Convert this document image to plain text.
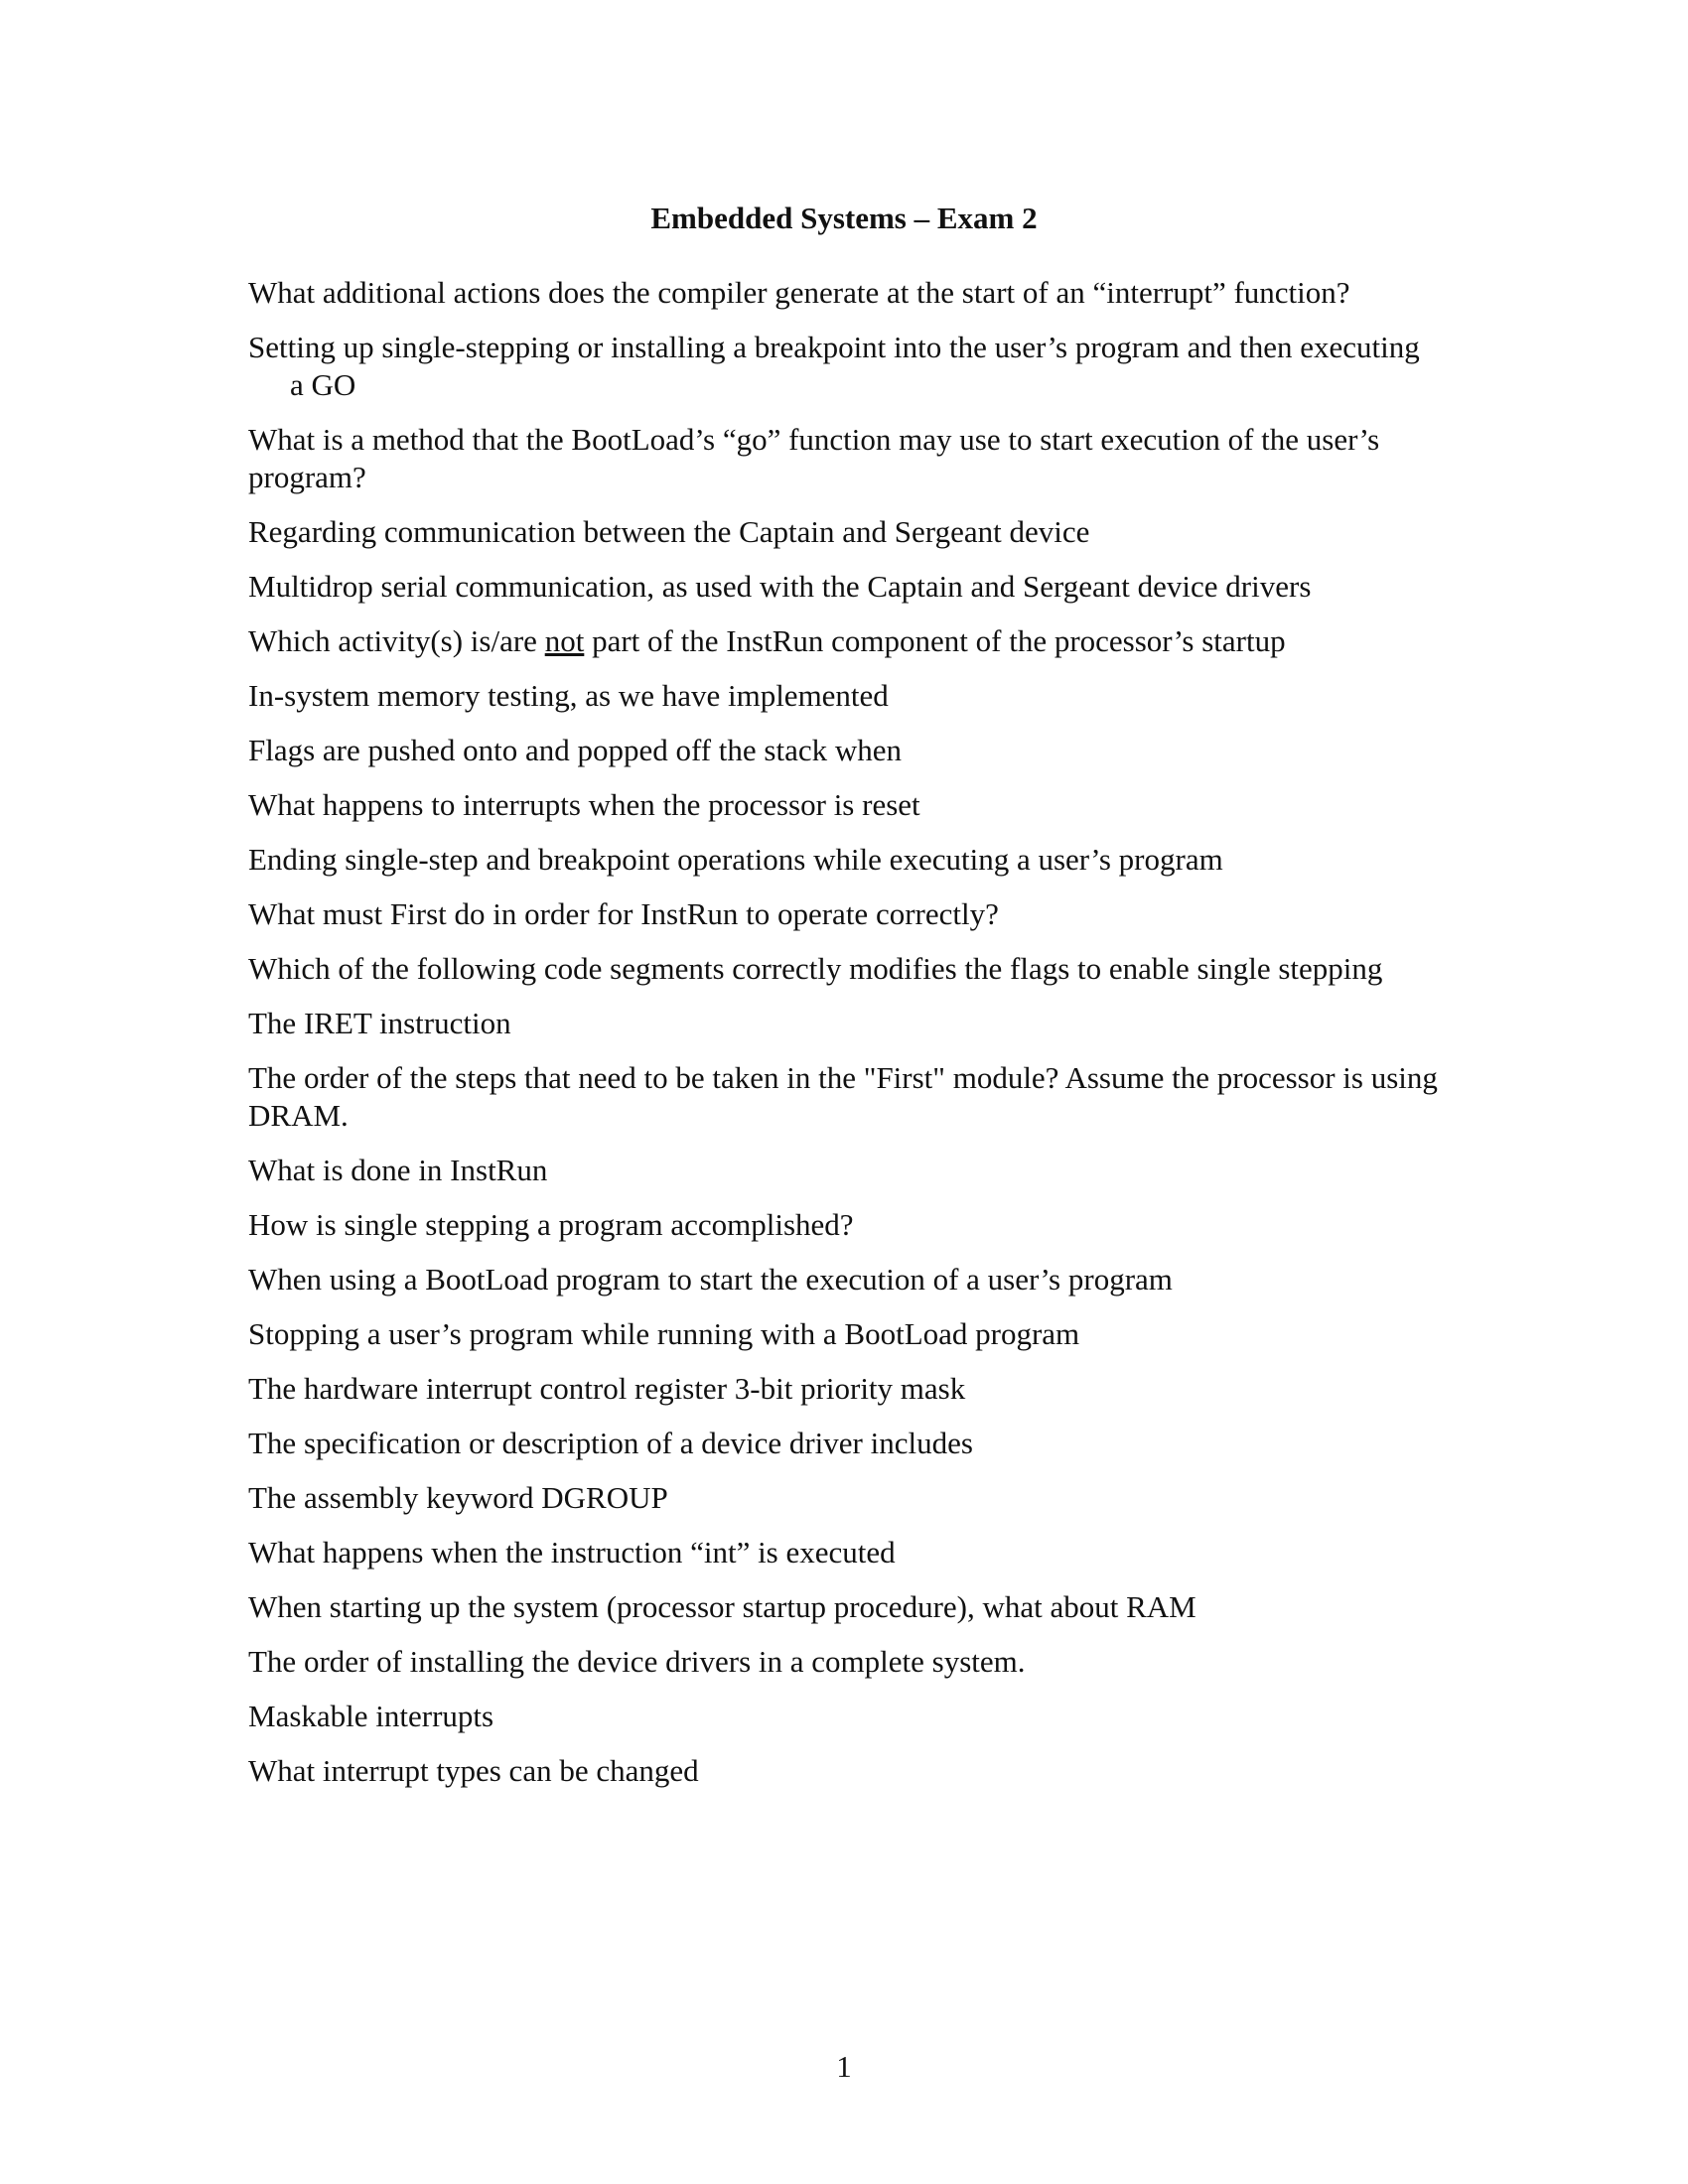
Embedded Systems – Exam 2
What additional actions does the compiler generate at the start of an “interrupt” function?
Setting up single-stepping or installing a breakpoint into the user’s program and then executing a GO
What is a method that the BootLoad’s “go” function may use to start execution of the user’s program?
Regarding communication between the Captain and Sergeant device
Multidrop serial communication, as used with the Captain and Sergeant device drivers
Which activity(s) is/are not part of the InstRun component of the processor’s startup
In-system memory testing, as we have implemented
Flags are pushed onto and popped off the stack when
What happens to interrupts when the processor is reset
Ending single-step and breakpoint operations while executing a user’s program
What must First do in order for InstRun to operate correctly?
Which of the following code segments correctly modifies the flags to enable single stepping
The IRET instruction
The order of the steps that need to be taken in the "First" module? Assume the processor is using DRAM.
What is done in InstRun
How is single stepping a program accomplished?
When using a BootLoad program to start the execution of a user’s program
Stopping a user’s program while running with a BootLoad program
The hardware interrupt control register 3-bit priority mask
The specification or description of a device driver includes
The assembly keyword DGROUP
What happens when the instruction “int” is executed
When starting up the system (processor startup procedure), what about RAM
The order of installing the device drivers in a complete system.
Maskable interrupts
What interrupt types can be changed
1
